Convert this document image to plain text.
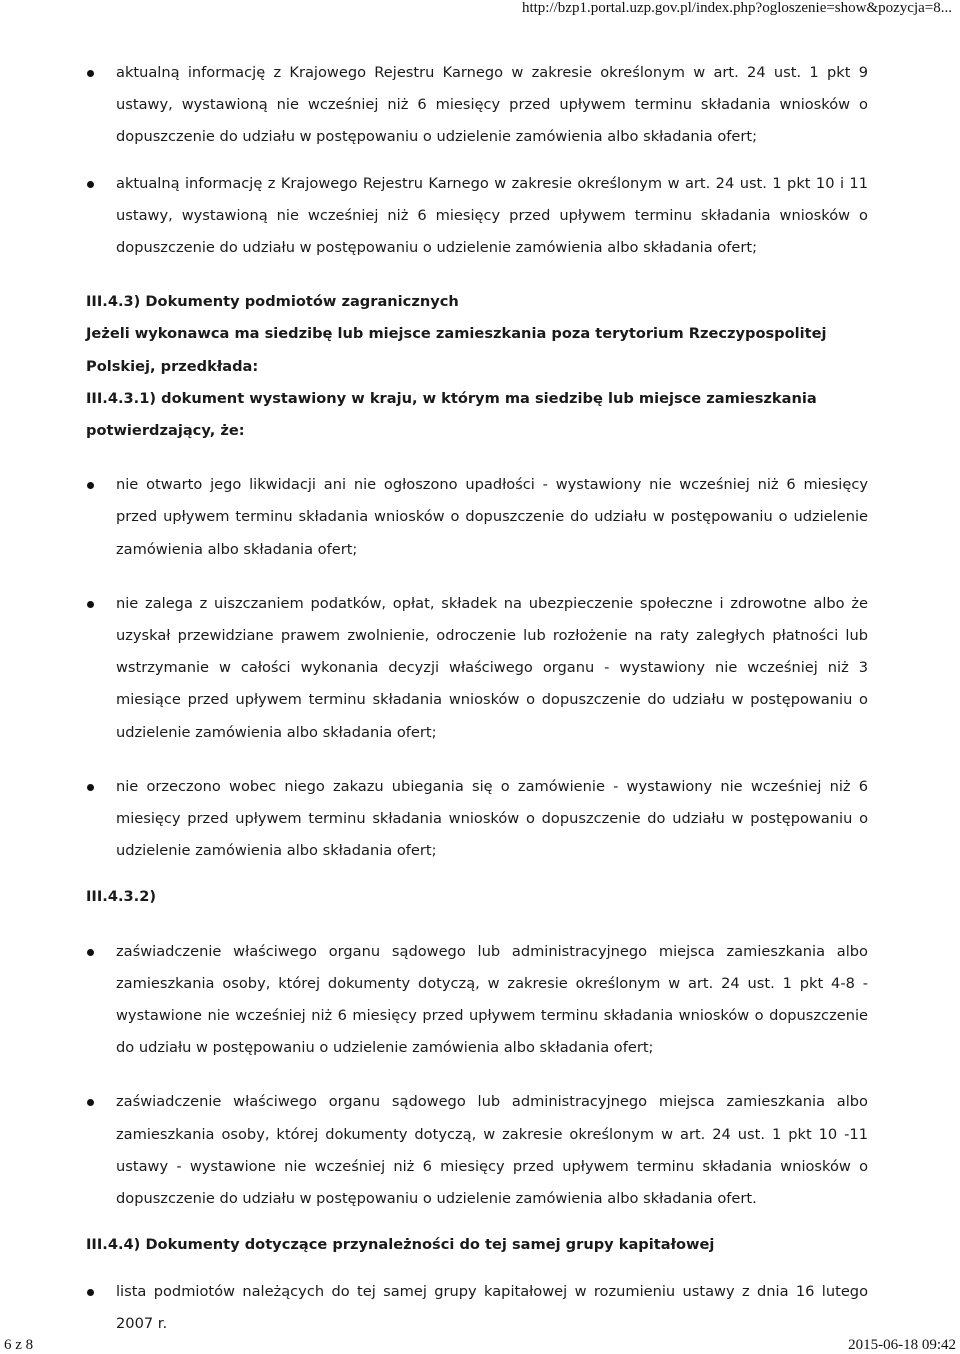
http://bzp1.portal.uzp.gov.pl/index.php?ogloszenie=show&pozycja=8...
aktualną informację z Krajowego Rejestru Karnego w zakresie określonym w art. 24 ust. 1 pkt 9 ustawy, wystawioną nie wcześniej niż 6 miesięcy przed upływem terminu składania wniosków o dopuszczenie do udziału w postępowaniu o udzielenie zamówienia albo składania ofert;
aktualną informację z Krajowego Rejestru Karnego w zakresie określonym w art. 24 ust. 1 pkt 10 i 11 ustawy, wystawioną nie wcześniej niż 6 miesięcy przed upływem terminu składania wniosków o dopuszczenie do udziału w postępowaniu o udzielenie zamówienia albo składania ofert;

III.4.3) Dokumenty podmiotów zagranicznych

Jeżeli wykonawca ma siedzibę lub miejsce zamieszkania poza terytorium Rzeczypospolitej Polskiej, przedkłada:

III.4.3.1) dokument wystawiony w kraju, w którym ma siedzibę lub miejsce zamieszkania potwierdzający, że:

nie otwarto jego likwidacji ani nie ogłoszono upadłości - wystawiony nie wcześniej niż 6 miesięcy przed upływem terminu składania wniosków o dopuszczenie do udziału w postępowaniu o udzielenie zamówienia albo składania ofert;
nie zalega z uiszczaniem podatków, opłat, składek na ubezpieczenie społeczne i zdrowotne albo że uzyskał przewidziane prawem zwolnienie, odroczenie lub rozłożenie na raty zaległych płatności lub wstrzymanie w całości wykonania decyzji właściwego organu - wystawiony nie wcześniej niż 3 miesiące przed upływem terminu składania wniosków o dopuszczenie do udziału w postępowaniu o udzielenie zamówienia albo składania ofert;
nie orzeczono wobec niego zakazu ubiegania się o zamówienie - wystawiony nie wcześniej niż 6 miesięcy przed upływem terminu składania wniosków o dopuszczenie do udziału w postępowaniu o udzielenie zamówienia albo składania ofert;

III.4.3.2)

zaświadczenie właściwego organu sądowego lub administracyjnego miejsca zamieszkania albo zamieszkania osoby, której dokumenty dotyczą, w zakresie określonym w art. 24 ust. 1 pkt 4-8 - wystawione nie wcześniej niż 6 miesięcy przed upływem terminu składania wniosków o dopuszczenie do udziału w postępowaniu o udzielenie zamówienia albo składania ofert;
zaświadczenie właściwego organu sądowego lub administracyjnego miejsca zamieszkania albo zamieszkania osoby, której dokumenty dotyczą, w zakresie określonym w art. 24 ust. 1 pkt 10 -11 ustawy - wystawione nie wcześniej niż 6 miesięcy przed upływem terminu składania wniosków o dopuszczenie do udziału w postępowaniu o udzielenie zamówienia albo składania ofert.

III.4.4) Dokumenty dotyczące przynależności do tej samej grupy kapitałowej

lista podmiotów należących do tej samej grupy kapitałowej w rozumieniu ustawy z dnia 16 lutego 2007 r.
6 z 8	2015-06-18 09:42
